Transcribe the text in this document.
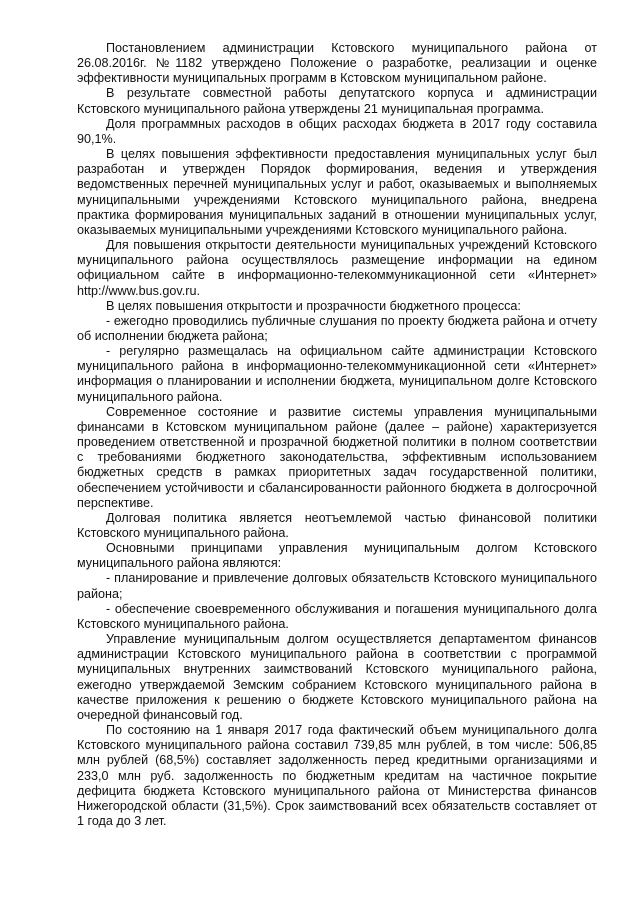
Постановлением администрации Кстовского муниципального района от 26.08.2016г. №1182 утверждено Положение о разработке, реализации и оценке эффективности муниципальных программ в Кстовском муниципальном районе.

В результате совместной работы депутатского корпуса и администрации Кстовского муниципального района утверждены 21 муниципальная программа.

Доля программных расходов в общих расходах бюджета в 2017 году составила 90,1%.

В целях повышения эффективности предоставления муниципальных услуг был разработан и утвержден Порядок формирования, ведения и утверждения ведомственных перечней муниципальных услуг и работ, оказываемых и выполняемых муниципальными учреждениями Кстовского муниципального района, внедрена практика формирования муниципальных заданий в отношении муниципальных услуг, оказываемых муниципальными учреждениями Кстовского муниципального района.

Для повышения открытости деятельности муниципальных учреждений Кстовского муниципального района осуществлялось размещение информации на едином официальном сайте в информационно-телекоммуникационной сети «Интернет» http://www.bus.gov.ru.

В целях повышения открытости и прозрачности бюджетного процесса:

- ежегодно проводились публичные слушания по проекту бюджета района и отчету об исполнении бюджета района;

- регулярно размещалась на официальном сайте администрации Кстовского муниципального района в информационно-телекоммуникационной сети «Интернет» информация о планировании и исполнении бюджета, муниципальном долге Кстовского муниципального района.

Современное состояние и развитие системы управления муниципальными финансами в Кстовском муниципальном районе (далее – районе) характеризуется проведением ответственной и прозрачной бюджетной политики в полном соответствии с требованиями бюджетного законодательства, эффективным использованием бюджетных средств в рамках приоритетных задач государственной политики, обеспечением устойчивости и сбалансированности районного бюджета в долгосрочной перспективе.

Долговая политика является неотъемлемой частью финансовой политики Кстовского муниципального района.

Основными принципами управления муниципальным долгом Кстовского муниципального района являются:

- планирование и привлечение долговых обязательств Кстовского муниципального района;

- обеспечение своевременного обслуживания и погашения муниципального долга Кстовского муниципального района.

Управление муниципальным долгом осуществляется департаментом финансов администрации Кстовского муниципального района в соответствии с программой муниципальных внутренних заимствований Кстовского муниципального района, ежегодно утверждаемой Земским собранием Кстовского муниципального района в качестве приложения к решению о бюджете Кстовского муниципального района на очередной финансовый год.

По состоянию на 1 января 2017 года фактический объем муниципального долга Кстовского муниципального района составил 739,85 млн рублей, в том числе: 506,85 млн рублей (68,5%) составляет задолженность перед кредитными организациями и 233,0 млн руб. задолженность по бюджетным кредитам на частичное покрытие дефицита бюджета Кстовского муниципального района от Министерства финансов Нижегородской области (31,5%). Срок заимствований всех обязательств составляет от 1 года до 3 лет.
